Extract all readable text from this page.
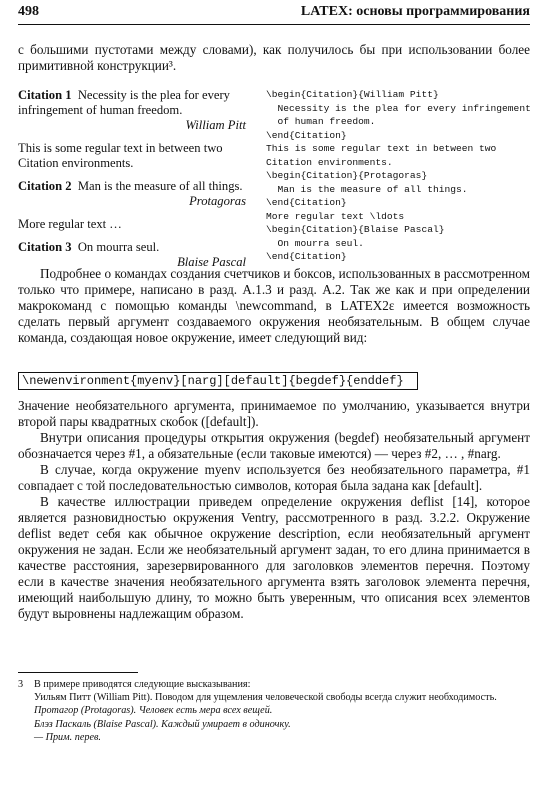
498	LATEX: основы программирования
с большими пустотами между словами), как получилось бы при использовании более примитивной конструкции³.
Citation 1 Necessity is the plea for every infringement of human freedom.
William Pitt
This is some regular text in between two Citation environments.
Citation 2 Man is the measure of all things.
Protagoras
More regular text …
Citation 3 On mourra seul.
Blaise Pascal
\begin{Citation}{William Pitt}
Necessity is the plea for every infringement
of human freedom.
\end{Citation}
This is some regular text in between two
Citation environments.
\begin{Citation}{Protagoras}
Man is the measure of all things.
\end{Citation}
More regular text \ldots
\begin{Citation}{Blaise Pascal}
On mourra seul.
\end{Citation}
Подробнее о командах создания счетчиков и боксов, использованных в рассмотренном только что примере, написано в разд. A.1.3 и разд. A.2. Так же как и при определении макрокоманд с помощью команды \newcommand, в LATEX2ε имеется возможность сделать первый аргумент создаваемого окружения необязательным. В общем случае команда, создающая новое окружение, имеет следующий вид:
\newenvironment{myenv}[narg][default]{begdef}{enddef}
Значение необязательного аргумента, принимаемое по умолчанию, указывается внутри второй пары квадратных скобок ([default]).
Внутри описания процедуры открытия окружения (begdef) необязательный аргумент обозначается через #1, а обязательные (если таковые имеются) — через #2, … , #narg.
В случае, когда окружение myenv используется без необязательного параметра, #1 совпадает с той последовательностью символов, которая была задана как [default].
В качестве иллюстрации приведем определение окружения deflist [14], которое является разновидностью окружения Ventry, рассмотренного в разд. 3.2.2. Окружение deflist ведет себя как обычное окружение description, если необязательный аргумент окружения не задан. Если же необязательный аргумент задан, то его длина принимается в качестве расстояния, зарезервированного для заголовков элементов перечня. Поэтому если в качестве значения необязательного аргумента взять заголовок элемента перечня, имеющий наибольшую длину, то можно быть уверенным, что описания всех элементов будут выровнены надлежащим образом.
3 В примере приводятся следующие высказывания:

Уильям Питт (William Pitt). Поводом для ущемления человеческой свободы всегда служит необходимость.

Протагор (Protagoras). Человек есть мера всех вещей.

Блэз Паскаль (Blaise Pascal). Каждый умирает в одиночку.

— Прим. перев.
